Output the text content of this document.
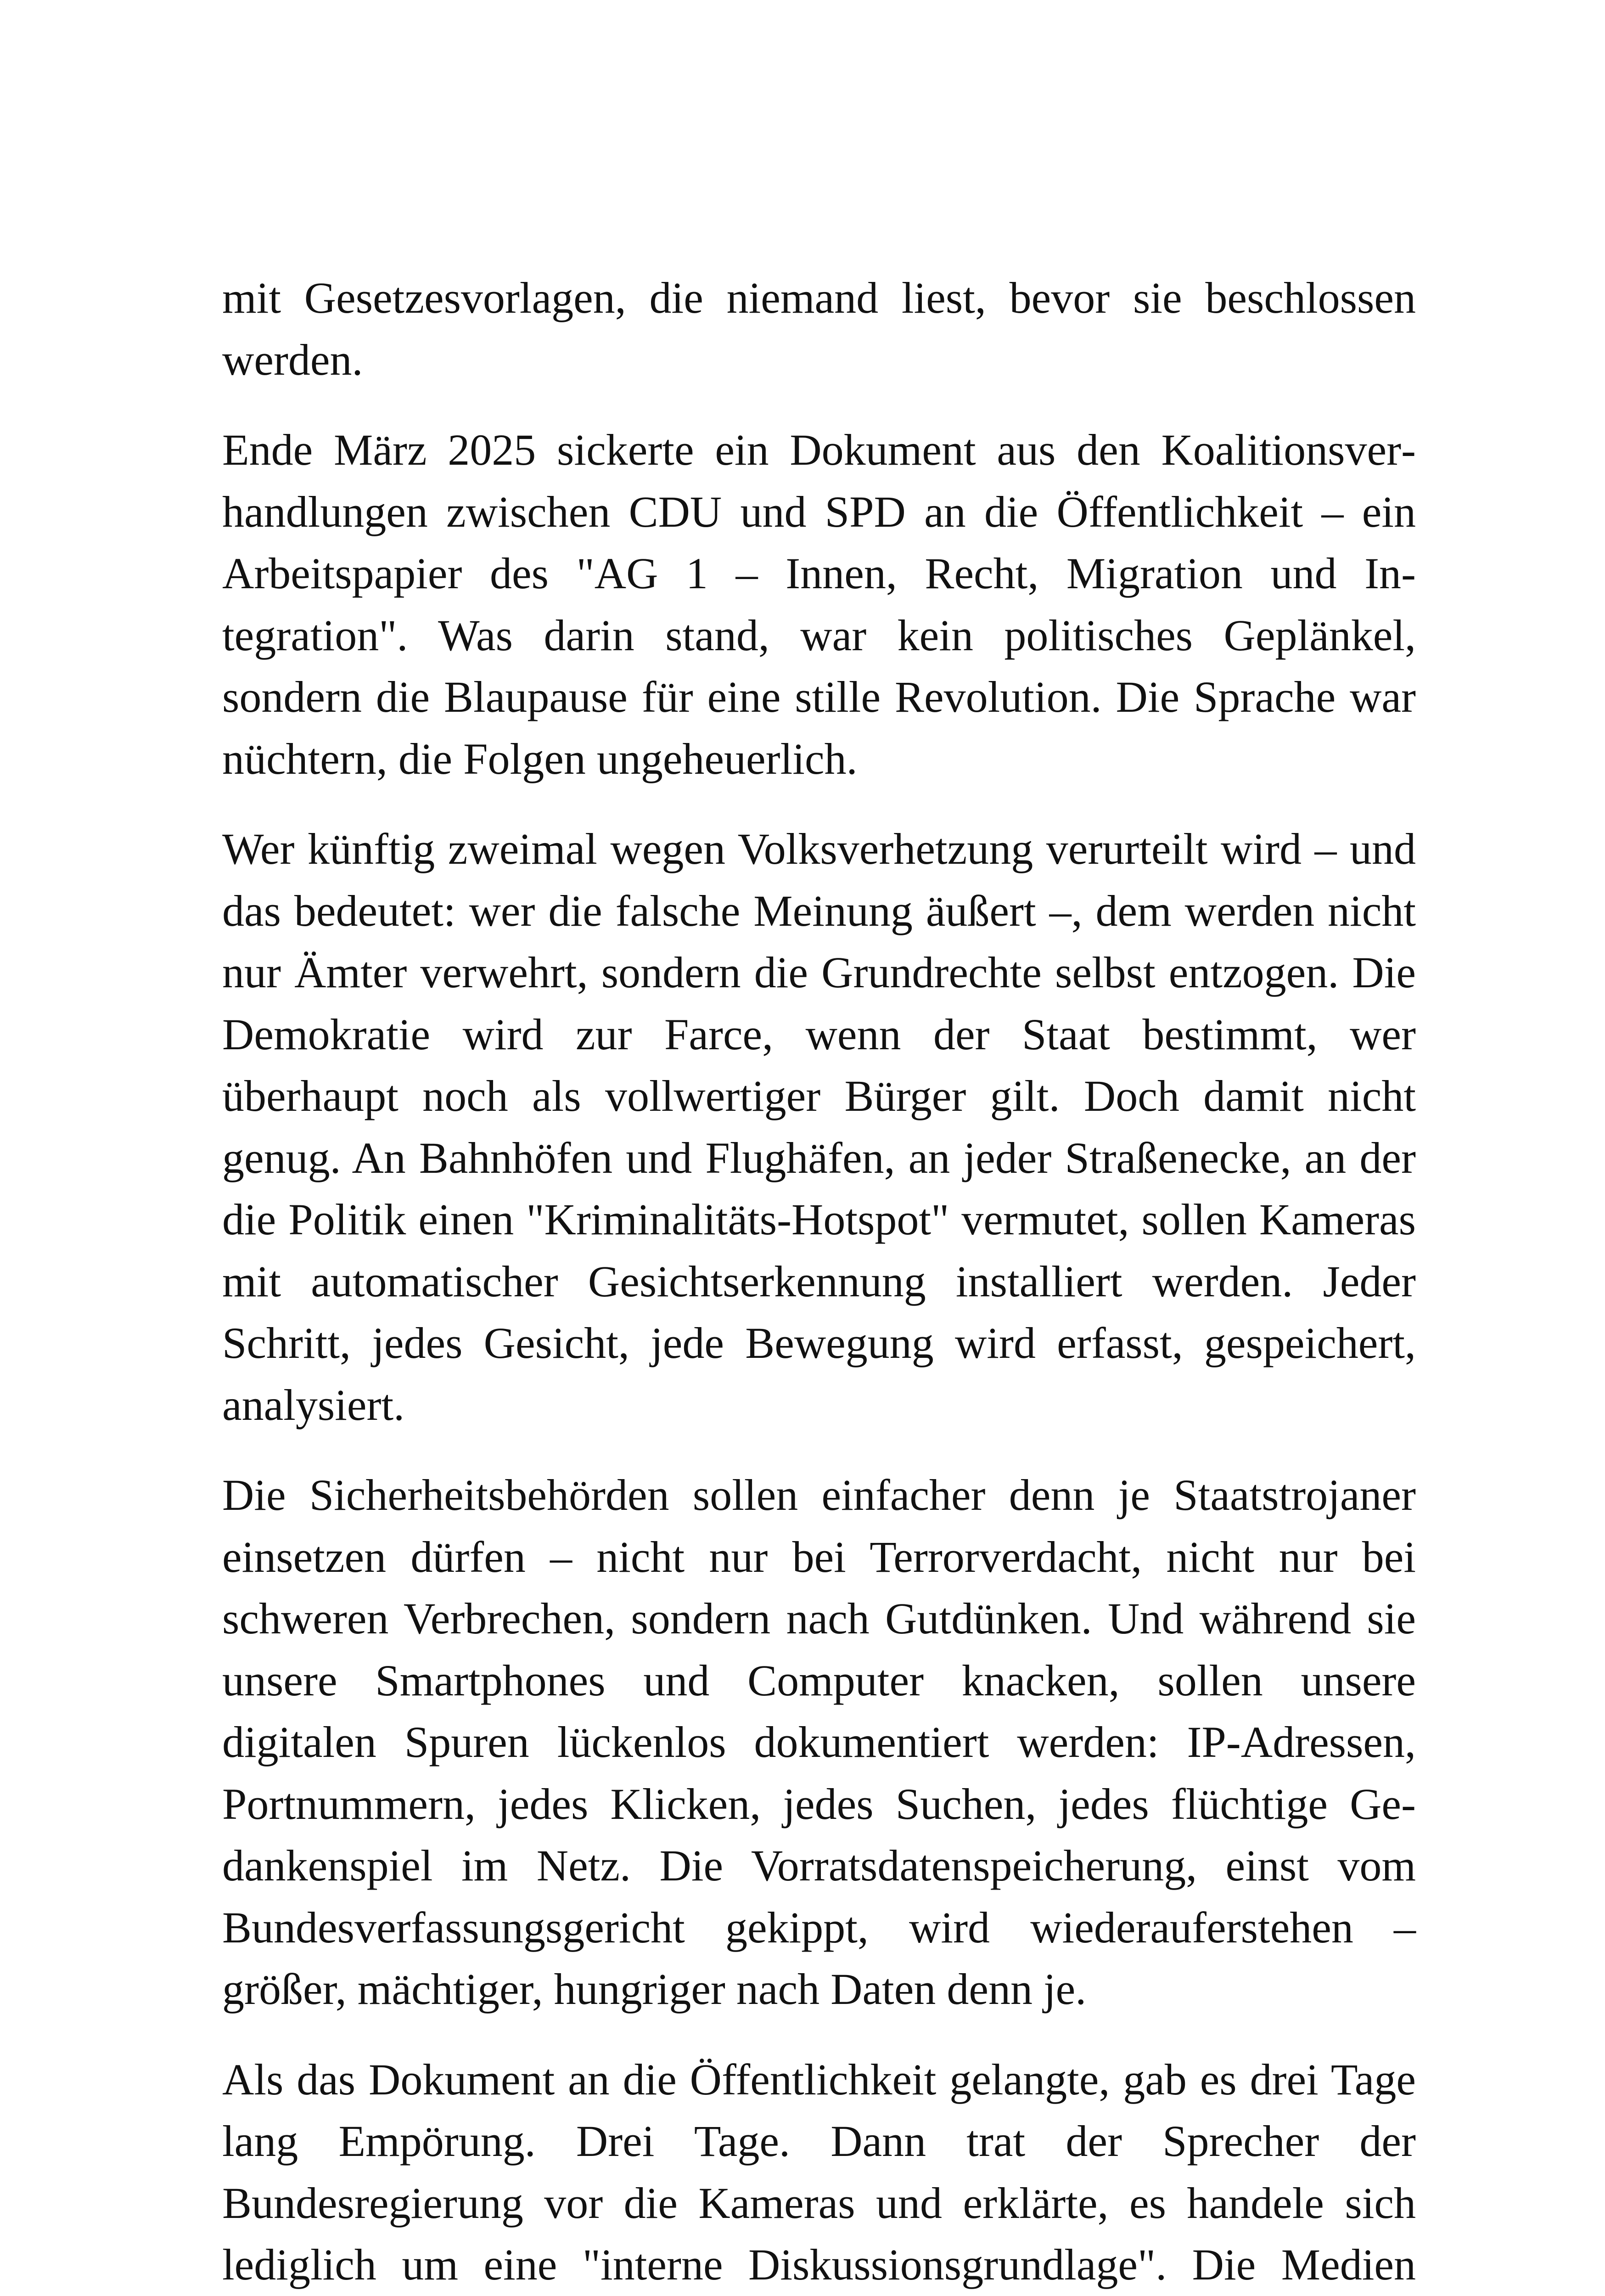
mit Gesetzesvorlagen, die niemand liest, bevor sie beschlossen werden.

Ende März 2025 sickerte ein Dokument aus den Koalitionsverhandlungen zwischen CDU und SPD an die Öffentlichkeit – ein Arbeitspapier des "AG 1 – Innen, Recht, Migration und Integration". Was darin stand, war kein politisches Geplänkel, sondern die Blaupause für eine stille Revolution. Die Sprache war nüchtern, die Folgen ungeheuerlich.

Wer künftig zweimal wegen Volksverhetzung verurteilt wird – und das bedeutet: wer die falsche Meinung äußert –, dem werden nicht nur Ämter verwehrt, sondern die Grundrechte selbst entzogen. Die Demokratie wird zur Farce, wenn der Staat bestimmt, wer überhaupt noch als vollwertiger Bürger gilt. Doch damit nicht genug. An Bahnhöfen und Flughäfen, an jeder Straßenecke, an der die Politik einen "Kriminalitäts-Hotspot" vermutet, sollen Kameras mit automatischer Gesichtserkennung installiert werden. Jeder Schritt, jedes Gesicht, jede Bewegung wird erfasst, gespeichert, analysiert.

Die Sicherheitsbehörden sollen einfacher denn je Staatstrojaner einsetzen dürfen – nicht nur bei Terrorverdacht, nicht nur bei schweren Verbrechen, sondern nach Gutdünken. Und während sie unsere Smartphones und Computer knacken, sollen unsere digitalen Spuren lückenlos dokumentiert werden: IP-Adressen, Portnummern, jedes Klicken, jedes Suchen, jedes flüchtige Gedankenspiel im Netz. Die Vorratsdatenspeicherung, einst vom Bundesverfassungsgericht gekippt, wird wiederauferstehen – größer, mächtiger, hungriger nach Daten denn je.

Als das Dokument an die Öffentlichkeit gelangte, gab es drei Tage lang Empörung. Drei Tage. Dann trat der Sprecher der Bundesregierung vor die Kameras und erklärte, es handele sich lediglich um eine "interne Diskussionsgrundlage". Die Medien
